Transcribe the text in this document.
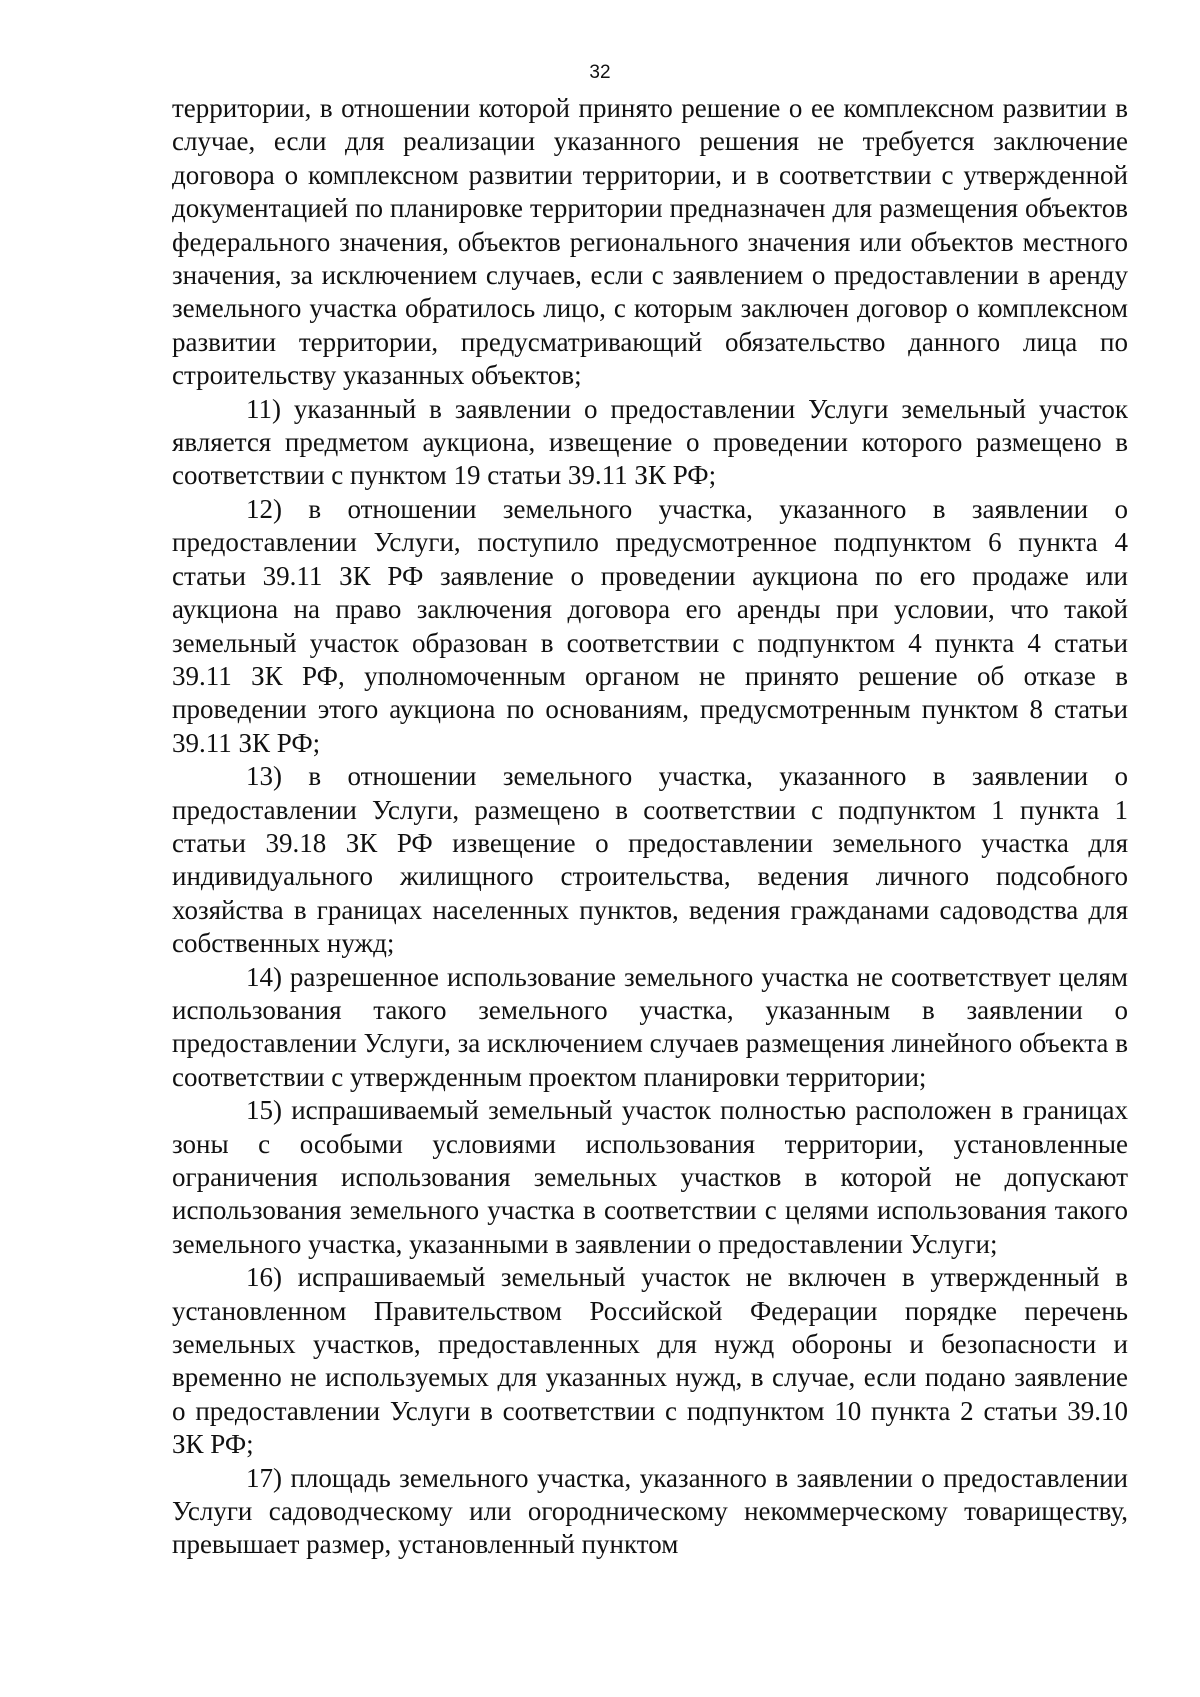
32

территории, в отношении которой принято решение о ее комплексном развитии в случае, если для реализации указанного решения не требуется заключение договора о комплексном развитии территории, и в соответствии с утвержденной документацией по планировке территории предназначен для размещения объектов федерального значения, объектов регионального значения или объектов местного значения, за исключением случаев, если с заявлением о предоставлении в аренду земельного участка обратилось лицо, с которым заключен договор о комплексном развитии территории, предусматривающий обязательство данного лица по строительству указанных объектов;

11) указанный в заявлении о предоставлении Услуги земельный участок является предметом аукциона, извещение о проведении которого размещено в соответствии с пунктом 19 статьи 39.11 ЗК РФ;

12) в отношении земельного участка, указанного в заявлении о предоставлении Услуги, поступило предусмотренное подпунктом 6 пункта 4 статьи 39.11 ЗК РФ заявление о проведении аукциона по его продаже или аукциона на право заключения договора его аренды при условии, что такой земельный участок образован в соответствии с подпунктом 4 пункта 4 статьи 39.11 ЗК РФ, уполномоченным органом не принято решение об отказе в проведении этого аукциона по основаниям, предусмотренным пунктом 8 статьи 39.11 ЗК РФ;

13) в отношении земельного участка, указанного в заявлении о предоставлении Услуги, размещено в соответствии с подпунктом 1 пункта 1 статьи 39.18 ЗК РФ извещение о предоставлении земельного участка для индивидуального жилищного строительства, ведения личного подсобного хозяйства в границах населенных пунктов, ведения гражданами садоводства для собственных нужд;

14) разрешенное использование земельного участка не соответствует целям использования такого земельного участка, указанным в заявлении о предоставлении Услуги, за исключением случаев размещения линейного объекта в соответствии с утвержденным проектом планировки территории;

15) испрашиваемый земельный участок полностью расположен в границах зоны с особыми условиями использования территории, установленные ограничения использования земельных участков в которой не допускают использования земельного участка в соответствии с целями использования такого земельного участка, указанными в заявлении о предоставлении Услуги;

16) испрашиваемый земельный участок не включен в утвержденный в установленном Правительством Российской Федерации порядке перечень земельных участков, предоставленных для нужд обороны и безопасности и временно не используемых для указанных нужд, в случае, если подано заявление о предоставлении Услуги в соответствии с подпунктом 10 пункта 2 статьи 39.10 ЗК РФ;

17) площадь земельного участка, указанного в заявлении о предоставлении Услуги садоводческому или огородническому некоммерческому товариществу, превышает размер, установленный пунктом
